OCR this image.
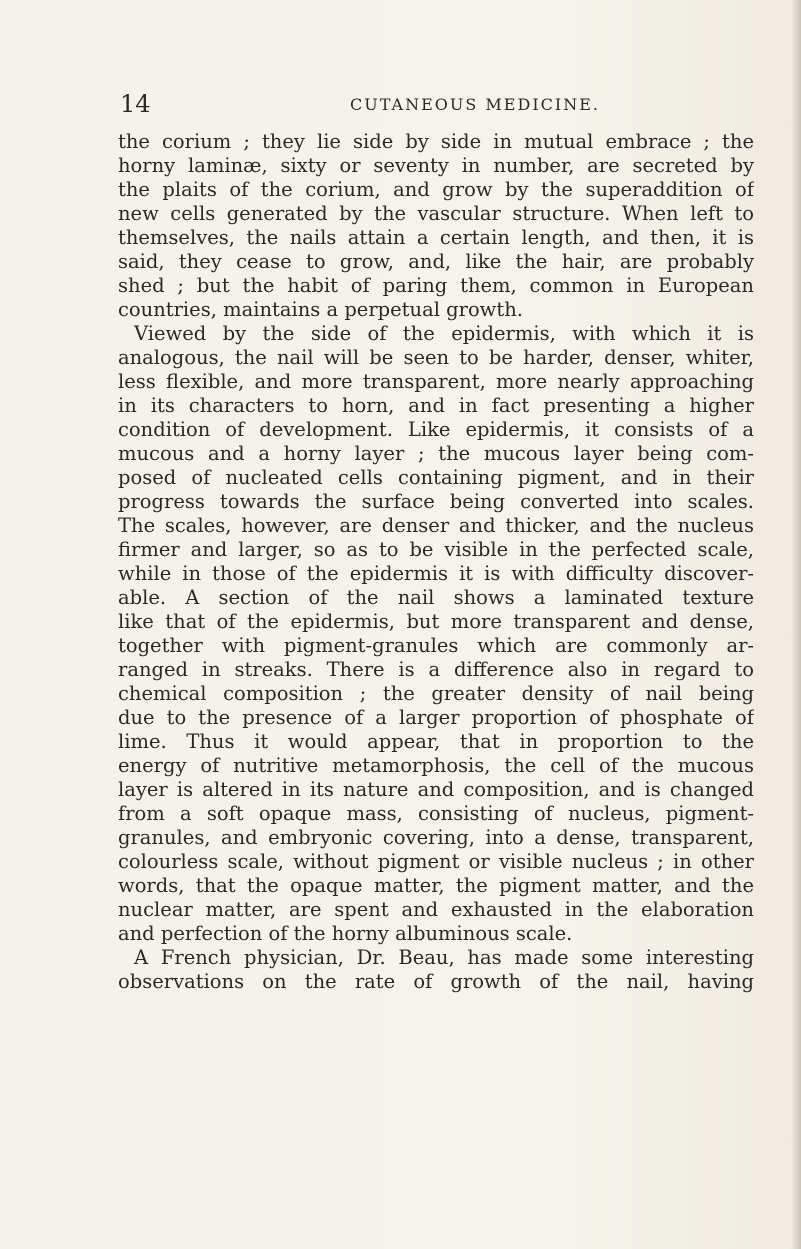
14	CUTANEOUS MEDICINE.
the corium ; they lie side by side in mutual embrace ; the
horny laminæ, sixty or seventy in number, are secreted by
the plaits of the corium, and grow by the superaddition of
new cells generated by the vascular structure. When left to
themselves, the nails attain a certain length, and then, it is
said, they cease to grow, and, like the hair, are probably
shed ; but the habit of paring them, common in European
countries, maintains a perpetual growth.
Viewed by the side of the epidermis, with which it is
analogous, the nail will be seen to be harder, denser, whiter,
less flexible, and more transparent, more nearly approaching
in its characters to horn, and in fact presenting a higher
condition of development. Like epidermis, it consists of a
mucous and a horny layer ; the mucous layer being com-
posed of nucleated cells containing pigment, and in their
progress towards the surface being converted into scales.
The scales, however, are denser and thicker, and the nucleus
firmer and larger, so as to be visible in the perfected scale,
while in those of the epidermis it is with difficulty discover-
able. A section of the nail shows a laminated texture
like that of the epidermis, but more transparent and dense,
together with pigment-granules which are commonly ar-
ranged in streaks. There is a difference also in regard to
chemical composition ; the greater density of nail being
due to the presence of a larger proportion of phosphate of
lime. Thus it would appear, that in proportion to the
energy of nutritive metamorphosis, the cell of the mucous
layer is altered in its nature and composition, and is changed
from a soft opaque mass, consisting of nucleus, pigment-
granules, and embryonic covering, into a dense, transparent,
colourless scale, without pigment or visible nucleus ; in other
words, that the opaque matter, the pigment matter, and the
nuclear matter, are spent and exhausted in the elaboration
and perfection of the horny albuminous scale.
A French physician, Dr. Beau, has made some interesting
observations on the rate of growth of the nail, having
